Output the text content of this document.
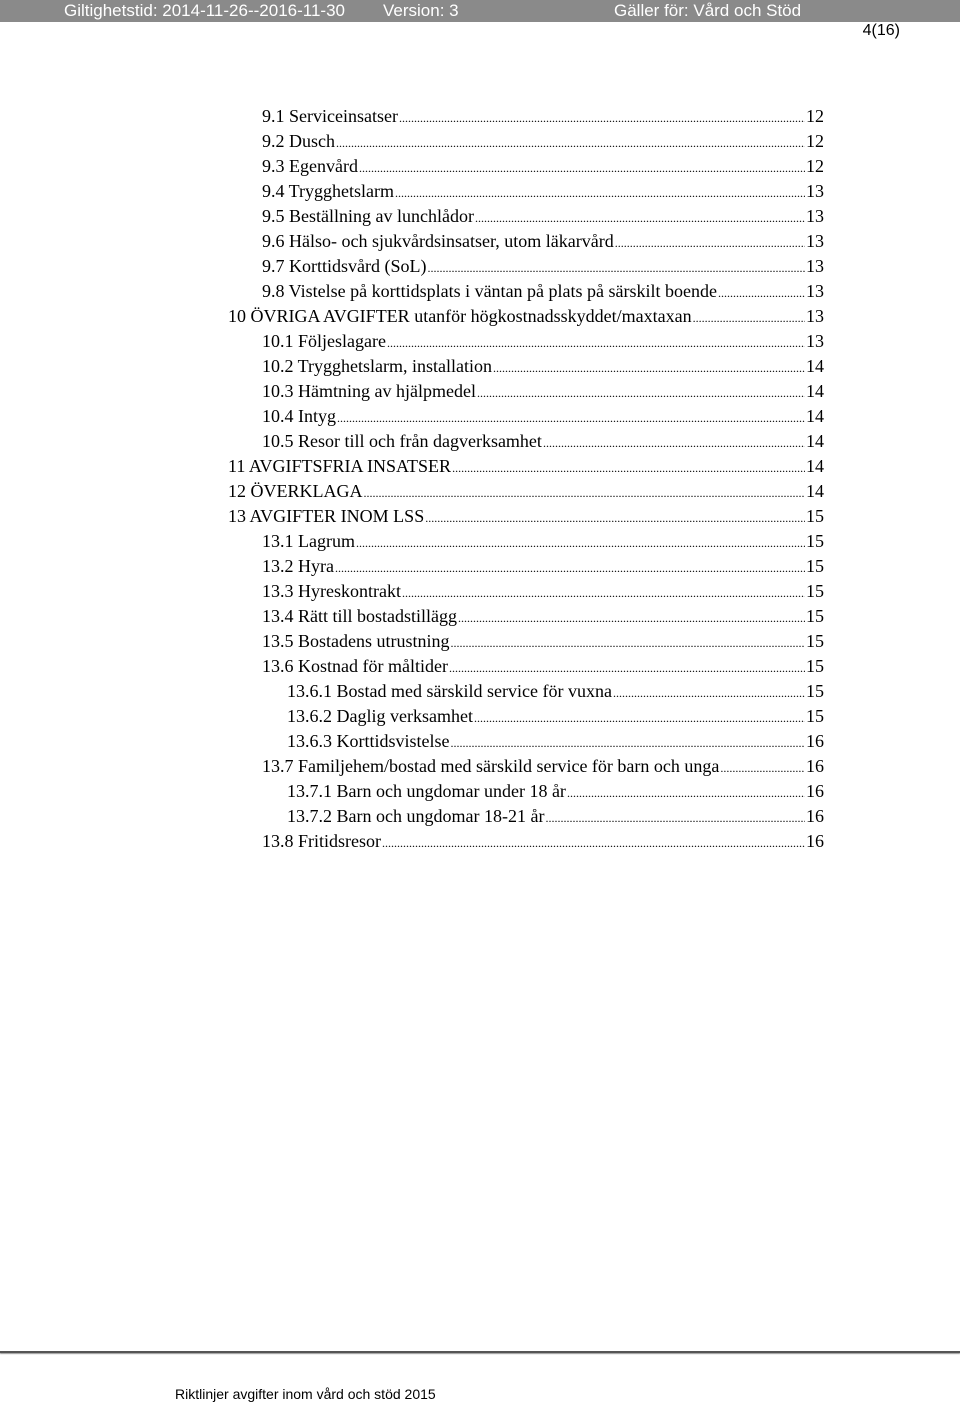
Giltighetstid: 2014-11-26--2016-11-30 Version: 3	Gäller för: Vård och Stöd
4(16)
9.1 Serviceinsatser .....	12
9.2 Dusch .....	12
9.3 Egenvård .....	12
9.4 Trygghetslarm .....	13
9.5 Beställning av lunchlådor .....	13
9.6 Hälso- och sjukvårdsinsatser, utom läkarvård .....	13
9.7 Korttidsvård (SoL) .....	13
9.8 Vistelse på korttidsplats i väntan på plats på särskilt boende .....	13
10 ÖVRIGA AVGIFTER utanför högkostnadsskyddet/maxtaxan .....	13
10.1 Följeslagare .....	13
10.2 Trygghetslarm, installation .....	14
10.3 Hämtning av hjälpmedel .....	14
10.4 Intyg .....	14
10.5 Resor till och från dagverksamhet .....	14
11 AVGIFTSFRIA INSATSER .....	14
12 ÖVERKLAGA .....	14
13 AVGIFTER INOM LSS .....	15
13.1 Lagrum .....	15
13.2 Hyra .....	15
13.3 Hyreskontrakt .....	15
13.4 Rätt till bostadstillägg .....	15
13.5 Bostadens utrustning .....	15
13.6 Kostnad för måltider .....	15
13.6.1 Bostad med särskild service för vuxna .....	15
13.6.2 Daglig verksamhet .....	15
13.6.3 Korttidsvistelse .....	16
13.7 Familjehem/bostad med särskild service för barn och unga .....	16
13.7.1 Barn och ungdomar under 18 år .....	16
13.7.2 Barn och ungdomar 18-21 år .....	16
13.8 Fritidsresor .....	16
Riktlinjer avgifter inom vård och stöd 2015
